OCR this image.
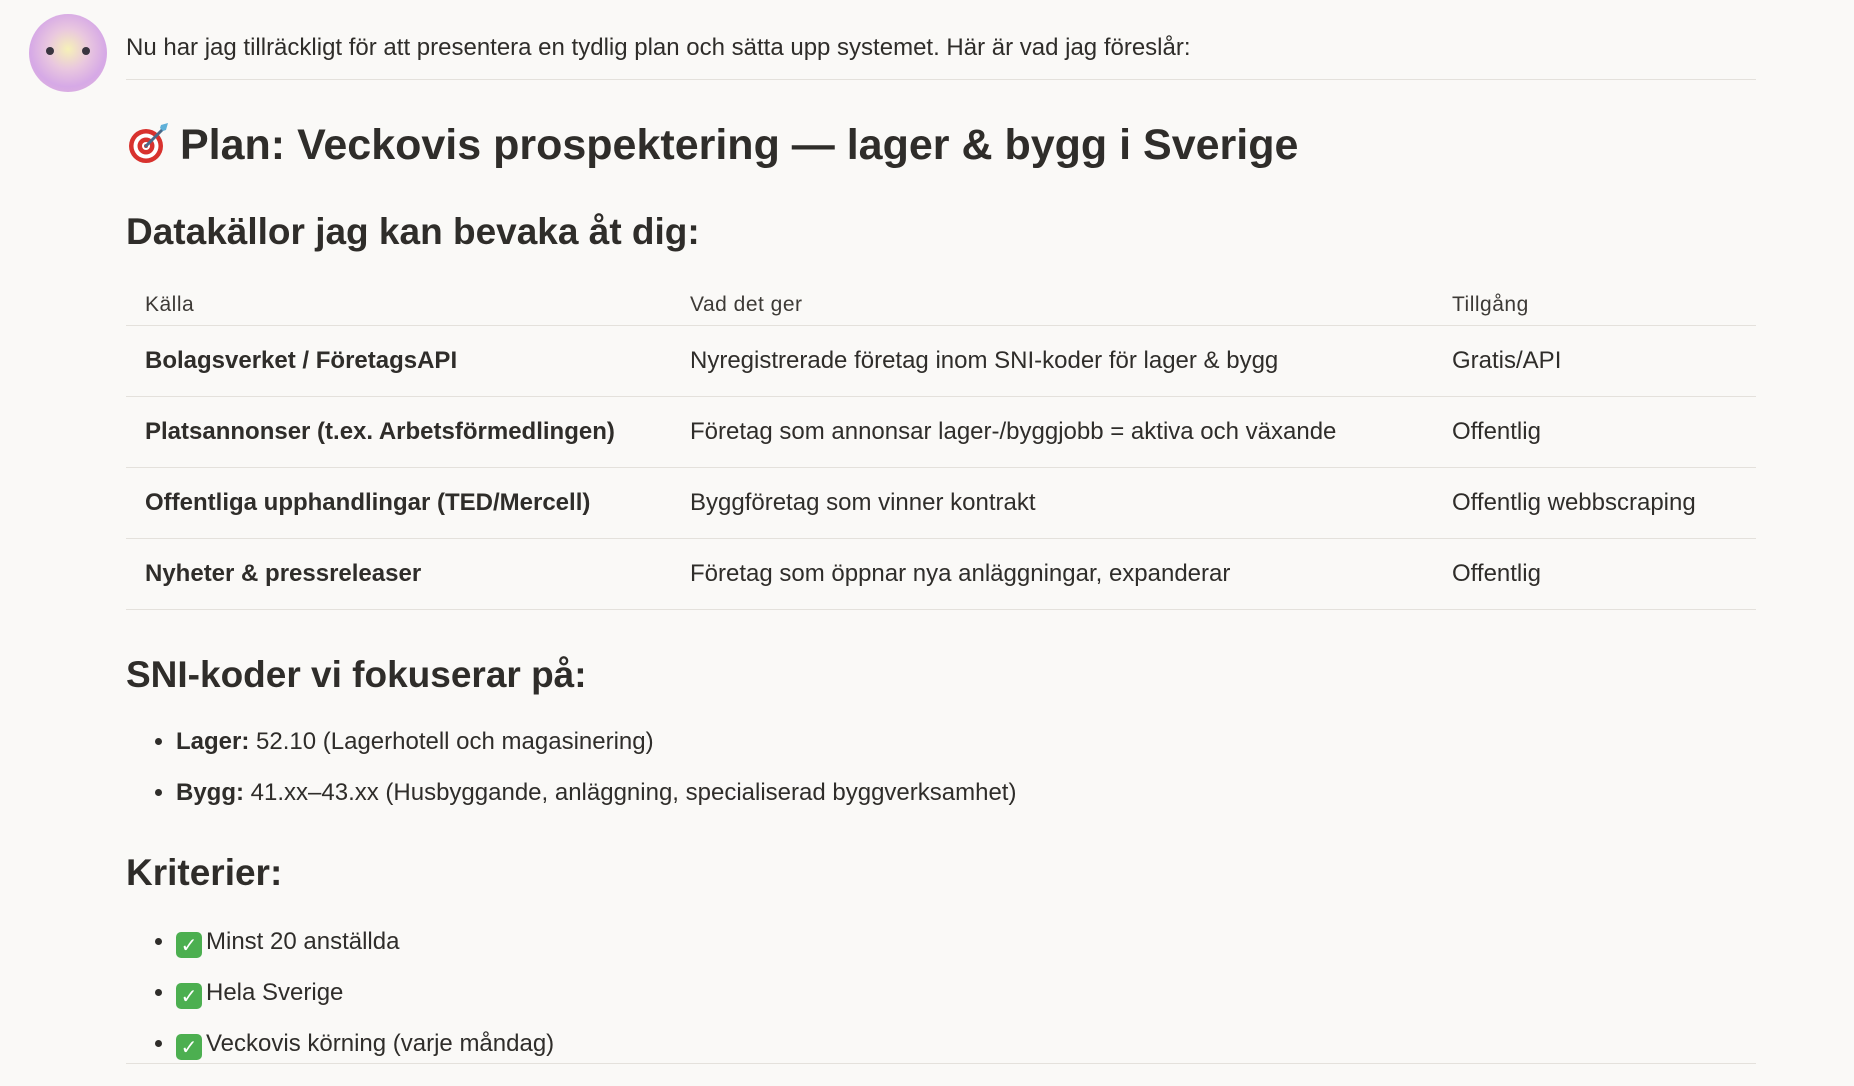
Nu har jag tillräckligt för att presentera en tydlig plan och sätta upp systemet. Här är vad jag föreslår:
Plan: Veckovis prospektering — lager & bygg i Sverige
Datakällor jag kan bevaka åt dig:
Källa	Vad det ger	Tillgång
Bolagsverket / FöretagsAPI	Nyregistrerade företag inom SNI-koder för lager & bygg	Gratis/API
Platsannonser (t.ex. Arbetsförmedlingen)	Företag som annonsar lager-/byggjobb = aktiva och växande	Offentlig
Offentliga upphandlingar (TED/Mercell)	Byggföretag som vinner kontrakt	Offentlig webbscraping
Nyheter & pressreleaser	Företag som öppnar nya anläggningar, expanderar	Offentlig
SNI-koder vi fokuserar på:
• Lager: 52.10 (Lagerhotell och magasinering)
• Bygg: 41.xx–43.xx (Husbyggande, anläggning, specialiserad byggverksamhet)
Kriterier:
• ✓ Minst 20 anställda
• ✓ Hela Sverige
• ✓ Veckovis körning (varje måndag)
